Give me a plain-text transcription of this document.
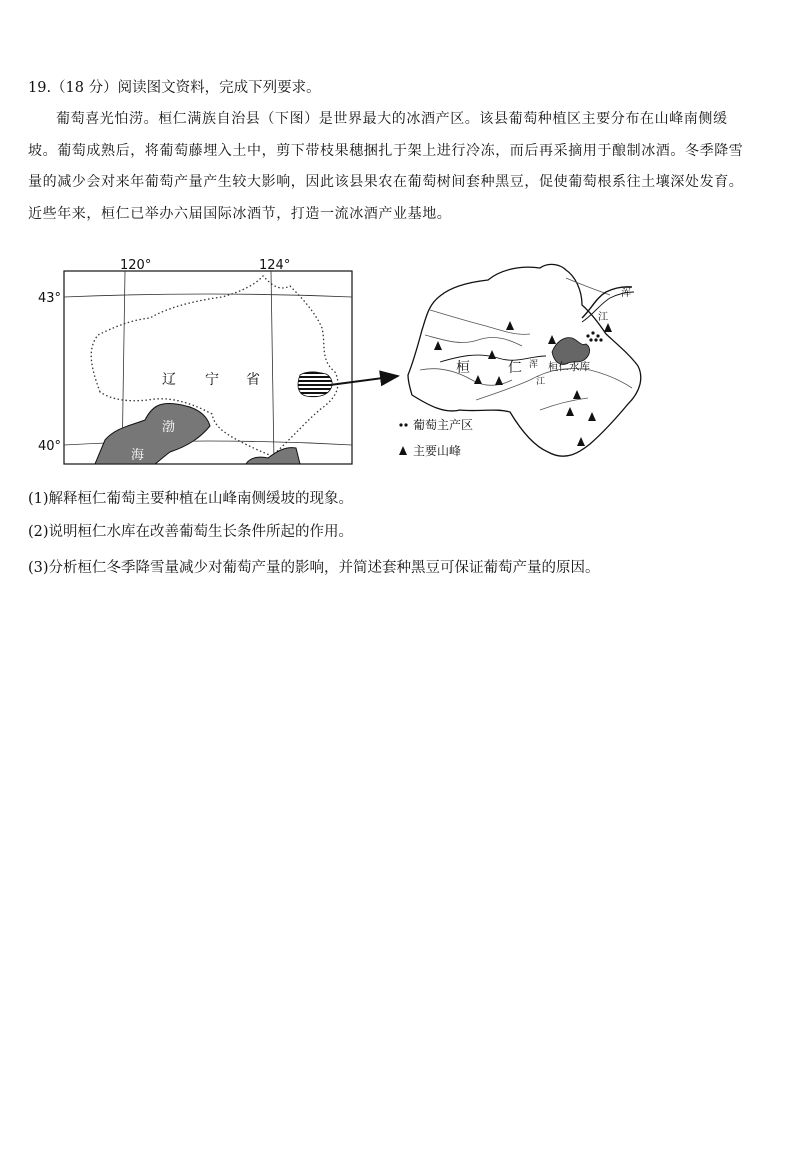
19.（18 分）阅读图文资料，完成下列要求。

葡萄喜光怕涝。桓仁满族自治县（下图）是世界最大的冰酒产区。该县葡萄种植区主要分布在山峰南侧缓坡。葡萄成熟后，将葡萄藤埋入土中，剪下带枝果穗捆扎于架上进行冷冻，而后再采摘用于酿制冰酒。冬季降雪量的减少会对来年葡萄产量产生较大影响，因此该县果农在葡萄树间套种黑豆，促使葡萄根系往土壤深处发育。近些年来，桓仁已举办六届国际冰酒节，打造一流冰酒产业基地。

120°	124°
43°
40°
辽 宁 省
渤
海
浑
江
桓仁水库
浑
江
桓	仁
葡萄主产区
主要山峰
(1)解释桓仁葡萄主要种植在山峰南侧缓坡的现象。
(2)说明桓仁水库在改善葡萄生长条件所起的作用。
(3)分析桓仁冬季降雪量减少对葡萄产量的影响，并简述套种黑豆可保证葡萄产量的原因。
